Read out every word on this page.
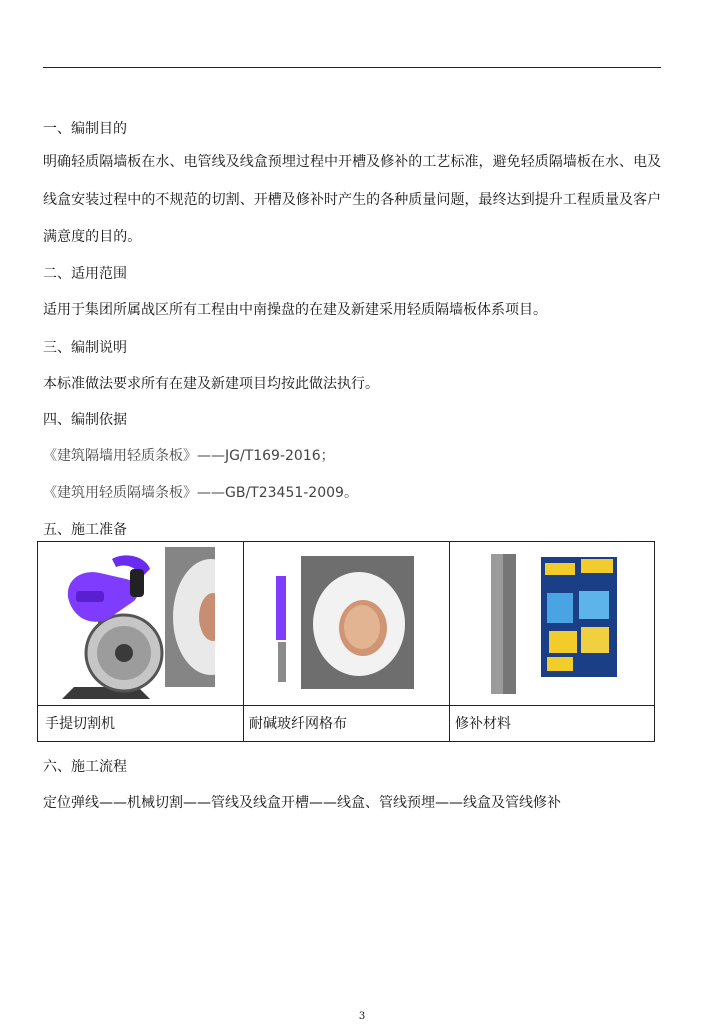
一、编制目的
明确轻质隔墙板在水、电管线及线盒预埋过程中开槽及修补的工艺标准，避免轻质隔墙板在水、电及线盒安装过程中的不规范的切割、开槽及修补时产生的各种质量问题，最终达到提升工程质量及客户满意度的目的。
二、适用范围
适用于集团所属战区所有工程由中南操盘的在建及新建采用轻质隔墙板体系项目。
三、编制说明
本标准做法要求所有在建及新建项目均按此做法执行。
四、编制依据
《建筑隔墙用轻质条板》——JG/T169-2016；
《建筑用轻质隔墙条板》——GB/T23451-2009。
五、施工准备
手提切割机	耐碱玻纤网格布	修补材料
六、施工流程
定位弹线——机械切割——管线及线盒开槽——线盒、管线预埋——线盒及管线修补
3
